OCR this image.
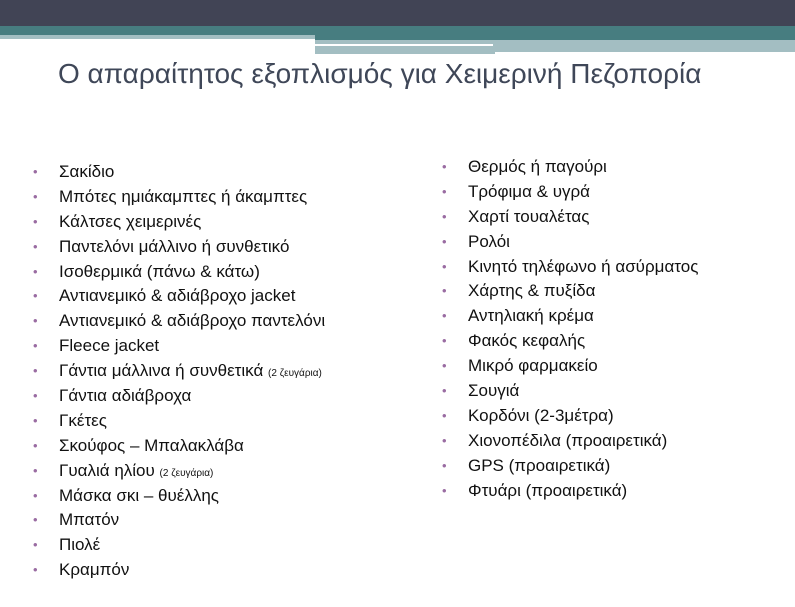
Ο απαραίτητος εξοπλισμός για Χειμερινή Πεζοπορία
• Σακίδιο
• Μπότες ημιάκαμπτες ή άκαμπτες
• Κάλτσες χειμερινές
• Παντελόνι μάλλινο ή συνθετικό
• Ισοθερμικά (πάνω & κάτω)
• Αντιανεμικό & αδιάβροχο jacket
• Αντιανεμικό & αδιάβροχο παντελόνι
• Fleece jacket
• Γάντια μάλλινα ή συνθετικά (2 ζευγάρια)
• Γάντια αδιάβροχα
• Γκέτες
• Σκούφος – Μπαλακλάβα
• Γυαλιά ηλίου (2 ζευγάρια)
• Μάσκα σκι – θυέλλης
• Μπατόν
• Πιολέ
• Κραμπόν
• Θερμός ή παγούρι
• Τρόφιμα & υγρά
• Χαρτί τουαλέτας
• Ρολόι
• Κινητό τηλέφωνο ή ασύρματος
• Χάρτης & πυξίδα
• Αντηλιακή κρέμα
• Φακός κεφαλής
• Μικρό φαρμακείο
• Σουγιά
• Κορδόνι (2-3μέτρα)
• Χιονοπέδιλα (προαιρετικά)
• GPS (προαιρετικά)
• Φτυάρι (προαιρετικά)
